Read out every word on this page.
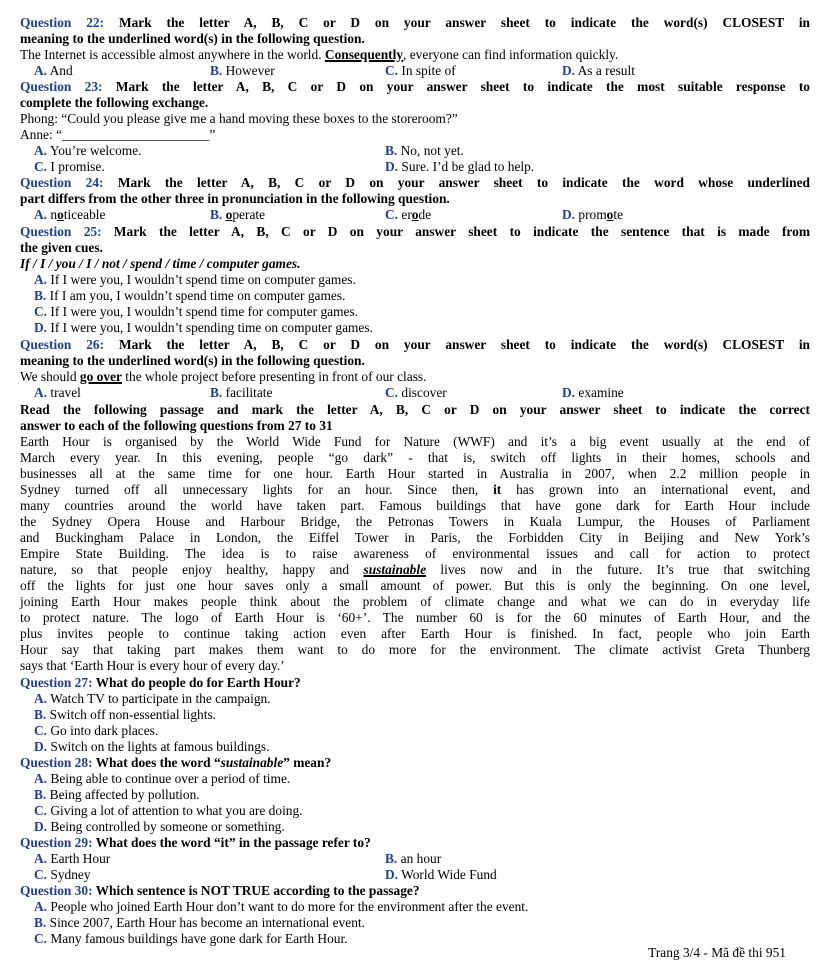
Question 22: Mark the letter A, B, C or D on your answer sheet to indicate the word(s) CLOSEST in
meaning to the underlined word(s) in the following question.
The Internet is accessible almost anywhere in the world. Consequently, everyone can find information quickly.
A. And	B. However	C. In spite of	D. As a result
Question 23: Mark the letter A, B, C or D on your answer sheet to indicate the most suitable response to
complete the following exchange.
Phong: “Could you please give me a hand moving these boxes to the storeroom?”
Anne: “______________________”
A. You’re welcome.	B. No, not yet.
C. I promise.	D. Sure. I’d be glad to help.
Question 24: Mark the letter A, B, C or D on your answer sheet to indicate the word whose underlined
part differs from the other three in pronunciation in the following question.
A. noticeable	B. operate	C. erode	D. promote
Question 25: Mark the letter A, B, C or D on your answer sheet to indicate the sentence that is made from
the given cues.
If / I / you / I / not / spend / time / computer games.
A. If I were you, I wouldn’t spend time on computer games.
B. If I am you, I wouldn’t spend time on computer games.
C. If I were you, I wouldn’t spend time for computer games.
D. If I were you, I wouldn’t spending time on computer games.
Question 26: Mark the letter A, B, C or D on your answer sheet to indicate the word(s) CLOSEST in
meaning to the underlined word(s) in the following question.
We should go over the whole project before presenting in front of our class.
A. travel	B. facilitate	C. discover	D. examine
Read the following passage and mark the letter A, B, C or D on your answer sheet to indicate the correct
answer to each of the following questions from 27 to 31
Earth Hour is organised by the World Wide Fund for Nature (WWF) and it’s a big event usually at the end of
March every year. In this evening, people “go dark” - that is, switch off lights in their homes, schools and
businesses all at the same time for one hour. Earth Hour started in Australia in 2007, when 2.2 million people in
Sydney turned off all unnecessary lights for an hour. Since then, it has grown into an international event, and
many countries around the world have taken part. Famous buildings that have gone dark for Earth Hour include
the Sydney Opera House and Harbour Bridge, the Petronas Towers in Kuala Lumpur, the Houses of Parliament
and Buckingham Palace in London, the Eiffel Tower in Paris, the Forbidden City in Beijing and New York’s
Empire State Building. The idea is to raise awareness of environmental issues and call for action to protect
nature, so that people enjoy healthy, happy and sustainable lives now and in the future. It’s true that switching
off the lights for just one hour saves only a small amount of power. But this is only the beginning. On one level,
joining Earth Hour makes people think about the problem of climate change and what we can do in everyday life
to protect nature. The logo of Earth Hour is ‘60+’. The number 60 is for the 60 minutes of Earth Hour, and the
plus invites people to continue taking action even after Earth Hour is finished. In fact, people who join Earth
Hour say that taking part makes them want to do more for the environment. The climate activist Greta Thunberg
says that ‘Earth Hour is every hour of every day.’
Question 27: What do people do for Earth Hour?
A. Watch TV to participate in the campaign.
B. Switch off non-essential lights.
C. Go into dark places.
D. Switch on the lights at famous buildings.
Question 28: What does the word “sustainable” mean?
A. Being able to continue over a period of time.
B. Being affected by pollution.
C. Giving a lot of attention to what you are doing.
D. Being controlled by someone or something.
Question 29: What does the word “it” in the passage refer to?
A. Earth Hour	B. an hour
C. Sydney	D. World Wide Fund
Question 30: Which sentence is NOT TRUE according to the passage?
A. People who joined Earth Hour don’t want to do more for the environment after the event.
B. Since 2007, Earth Hour has become an international event.
C. Many famous buildings have gone dark for Earth Hour.
Trang 3/4 - Mã đề thi 951
